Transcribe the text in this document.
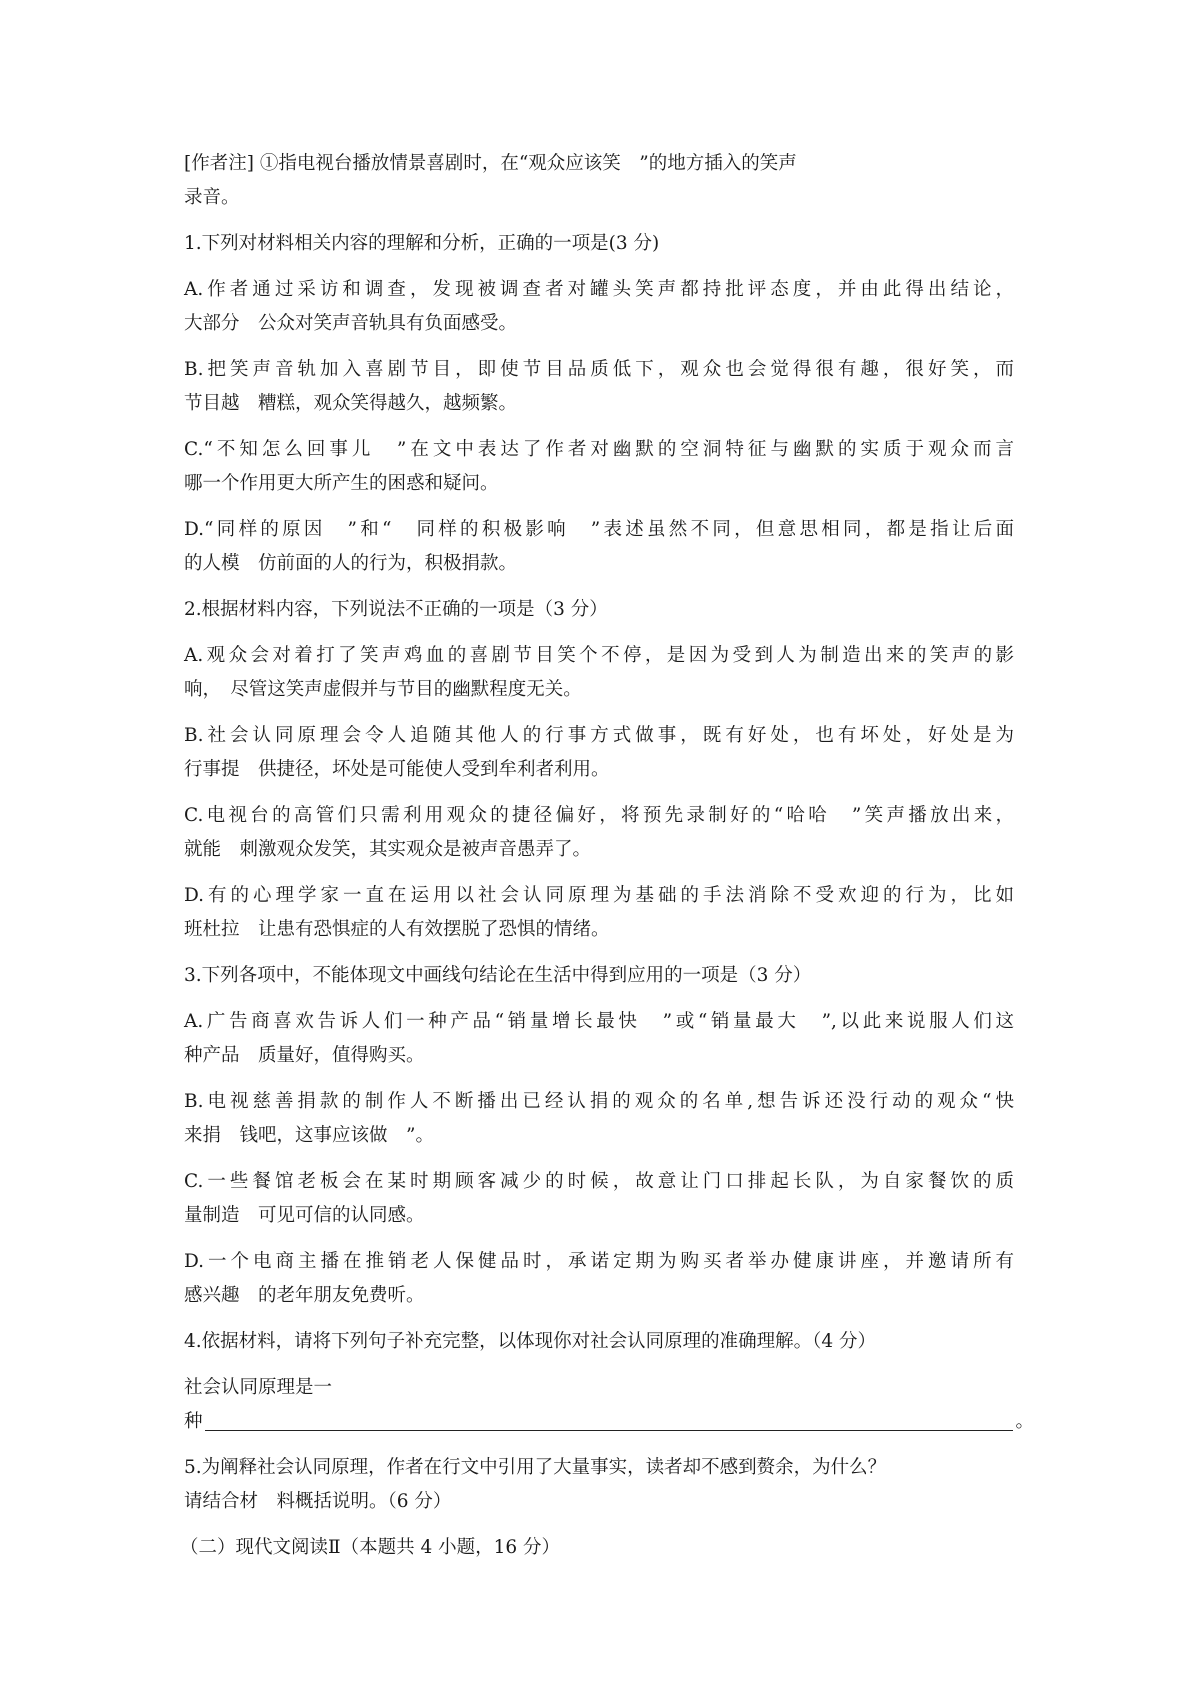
[作者注] ①指电视台播放情景喜剧时，在“观众应该笑　”的地方插入的笑声
录音。
1.下列对材料相关内容的理解和分析，正确的一项是(3 分)
A.作者通过采访和调查，发现被调查者对罐头笑声都持批评态度，并由此得出结论，
大部分　公众对笑声音轨具有负面感受。
B.把笑声音轨加入喜剧节目，即使节目品质低下，观众也会觉得很有趣，很好笑，而
节目越　糟糕，观众笑得越久，越频繁。
C.“不知怎么回事儿　”在文中表达了作者对幽默的空洞特征与幽默的实质于观众而言
哪一个作用更大所产生的困惑和疑问。
D.“同样的原因　”和“　同样的积极影响　”表述虽然不同，但意思相同，都是指让后面
的人模　仿前面的人的行为，积极捐款。
2.根据材料内容，下列说法不正确的一项是（3 分）
A.观众会对着打了笑声鸡血的喜剧节目笑个不停，是因为受到人为制造出来的笑声的影
响，　尽管这笑声虚假并与节目的幽默程度无关。
B.社会认同原理会令人追随其他人的行事方式做事，既有好处，也有坏处，好处是为
行事提　供捷径，坏处是可能使人受到牟利者利用。
C.电视台的高管们只需利用观众的捷径偏好，将预先录制好的“哈哈　”笑声播放出来，
就能　刺激观众发笑，其实观众是被声音愚弄了。
D.有的心理学家一直在运用以社会认同原理为基础的手法消除不受欢迎的行为，比如
班杜拉　让患有恐惧症的人有效摆脱了恐惧的情绪。
3.下列各项中，不能体现文中画线句结论在生活中得到应用的一项是（3 分）
A.广告商喜欢告诉人们一种产品“销量增长最快　”或“销量最大　”,以此来说服人们这
种产品　质量好，值得购买。
B.电视慈善捐款的制作人不断播出已经认捐的观众的名单,想告诉还没行动的观众“快
来捐　钱吧，这事应该做　”。
C.一些餐馆老板会在某时期顾客减少的时候，故意让门口排起长队，为自家餐饮的质
量制造　可见可信的认同感。
D.一个电商主播在推销老人保健品时，承诺定期为购买者举办健康讲座，并邀请所有
感兴趣　的老年朋友免费听。
4.依据材料，请将下列句子补充完整，以体现你对社会认同原理的准确理解。（4 分）
社会认同原理是一
种	。
5.为阐释社会认同原理，作者在行文中引用了大量事实，读者却不感到赘余，为什么？
请结合材　料概括说明。（6 分）
（二）现代文阅读Ⅱ（本题共 4 小题，16 分）
